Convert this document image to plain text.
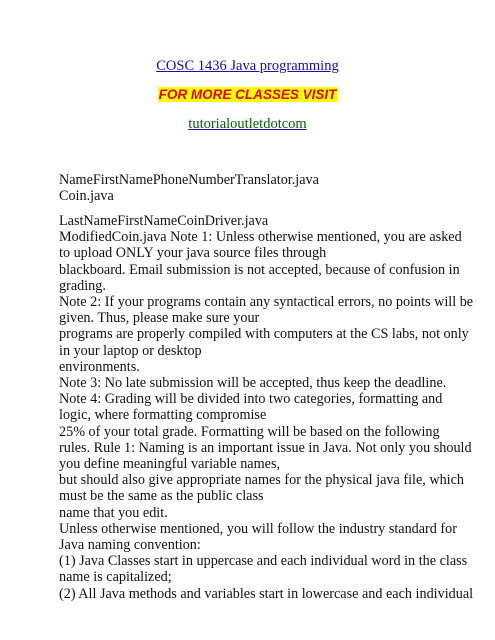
COSC 1436 Java programming
FOR MORE CLASSES VISIT
tutorialoutletdotcom
NameFirstNamePhoneNumberTranslator.java
Coin.java
LastNameFirstNameCoinDriver.java
ModifiedCoin.java Note 1: Unless otherwise mentioned, you are asked
to upload ONLY your java source files through
blackboard. Email submission is not accepted, because of confusion in
grading.
Note 2: If your programs contain any syntactical errors, no points will be
given. Thus, please make sure your
programs are properly compiled with computers at the CS labs, not only
in your laptop or desktop
environments.
Note 3: No late submission will be accepted, thus keep the deadline.
Note 4: Grading will be divided into two categories, formatting and
logic, where formatting compromise
25% of your total grade. Formatting will be based on the following
rules. Rule 1: Naming is an important issue in Java. Not only you should
you define meaningful variable names,
but should also give appropriate names for the physical java file, which
must be the same as the public class
name that you edit.
Unless otherwise mentioned, you will follow the industry standard for
Java naming convention:
(1) Java Classes start in uppercase and each individual word in the class
name is capitalized;
(2) All Java methods and variables start in lowercase and each individual
